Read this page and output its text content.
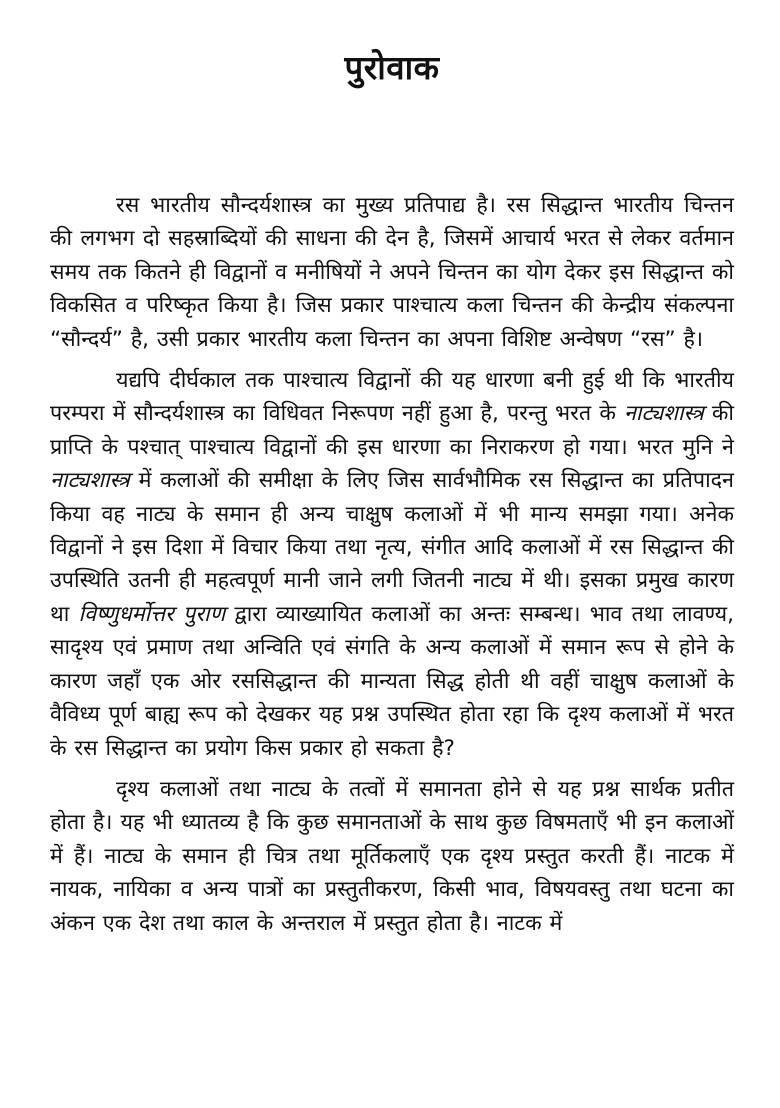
पुरोवाक

रस भारतीय सौन्दर्यशास्त्र का मुख्य प्रतिपाद्य है। रस सिद्धान्त भारतीय चिन्तन की लगभग दो सहस्राब्दियों की साधना की देन है, जिसमें आचार्य भरत से लेकर वर्तमान समय तक कितने ही विद्वानों व मनीषियों ने अपने चिन्तन का योग देकर इस सिद्धान्त को विकसित व परिष्कृत किया है। जिस प्रकार पाश्चात्य कला चिन्तन की केन्द्रीय संकल्पना “सौन्दर्य” है, उसी प्रकार भारतीय कला चिन्तन का अपना विशिष्ट अन्वेषण “रस” है।

यद्यपि दीर्घकाल तक पाश्चात्य विद्वानों की यह धारणा बनी हुई थी कि भारतीय परम्परा में सौन्दर्यशास्त्र का विधिवत निरूपण नहीं हुआ है, परन्तु भरत के नाट्यशास्त्र की प्राप्ति के पश्चात् पाश्चात्य विद्वानों की इस धारणा का निराकरण हो गया। भरत मुनि ने नाट्यशास्त्र में कलाओं की समीक्षा के लिए जिस सार्वभौमिक रस सिद्धान्त का प्रतिपादन किया वह नाट्य के समान ही अन्य चाक्षुष कलाओं में भी मान्य समझा गया। अनेक विद्वानों ने इस दिशा में विचार किया तथा नृत्य, संगीत आदि कलाओं में रस सिद्धान्त की उपस्थिति उतनी ही महत्वपूर्ण मानी जाने लगी जितनी नाट्य में थी। इसका प्रमुख कारण था विष्णुधर्मोत्तर पुराण द्वारा व्याख्यायित कलाओं का अन्तः सम्बन्ध। भाव तथा लावण्य, सादृश्य एवं प्रमाण तथा अन्विति एवं संगति के अन्य कलाओं में समान रूप से होने के कारण जहाँ एक ओर रससिद्धान्त की मान्यता सिद्ध होती थी वहीं चाक्षुष कलाओं के वैविध्य पूर्ण बाह्य रूप को देखकर यह प्रश्न उपस्थित होता रहा कि दृश्य कलाओं में भरत के रस सिद्धान्त का प्रयोग किस प्रकार हो सकता है?

दृश्य कलाओं तथा नाट्य के तत्वों में समानता होने से यह प्रश्न सार्थक प्रतीत होता है। यह भी ध्यातव्य है कि कुछ समानताओं के साथ कुछ विषमताएँ भी इन कलाओं में हैं। नाट्य के समान ही चित्र तथा मूर्तिकलाएँ एक दृश्य प्रस्तुत करती हैं। नाटक में नायक, नायिका व अन्य पात्रों का प्रस्तुतीकरण, किसी भाव, विषयवस्तु तथा घटना का अंकन एक देश तथा काल के अन्तराल में प्रस्तुत होता है। नाटक में
